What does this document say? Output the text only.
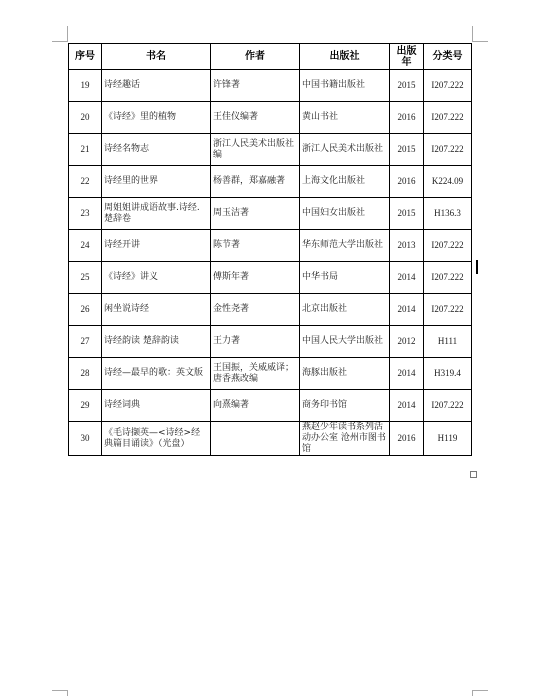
序号	书名	作者	出版社	出版年	分类号
19	诗经趣话	许锋著	中国书籍出版社	2015	I207.222
20	《诗经》里的植物	王佳仪编著	黄山书社	2016	I207.222
21	诗经名物志	浙江人民美术出版社编	浙江人民美术出版社	2015	I207.222
22	诗经里的世界	杨善群，郑嘉融著	上海文化出版社	2016	K224.09
23	周姐姐讲成语故事.诗经.楚辞卷	周玉洁著	中国妇女出版社	2015	H136.3
24	诗经开讲	陈节著	华东师范大学出版社	2013	I207.222
25	《诗经》讲义	傅斯年著	中华书局	2014	I207.222
26	闲坐说诗经	金性尧著	北京出版社	2014	I207.222
27	诗经韵读 楚辞韵读	王力著	中国人民大学出版社	2012	H111
28	诗经—最早的歌：英文版	王国振，关威威译；唐香燕改编	海豚出版社	2014	H319.4
29	诗经词典	向熹编著	商务印书馆	2014	I207.222
30	《毛诗撷英—<诗经>经典篇目诵读》（光盘）		燕赵少年读书系列活动办公室 沧州市图书馆	2016	H119
